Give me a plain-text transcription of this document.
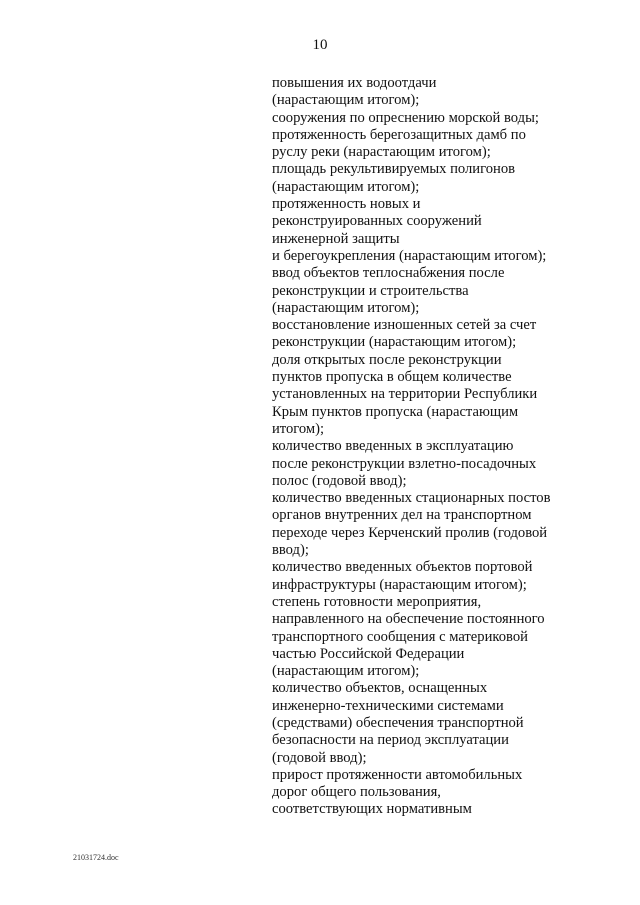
10
повышения их водоотдачи
(нарастающим итогом);
сооружения по опреснению морской воды;
протяженность берегозащитных дамб по
руслу реки (нарастающим итогом);
площадь рекультивируемых полигонов
(нарастающим итогом);
протяженность новых и
реконструированных сооружений
инженерной защиты
и берегоукрепления (нарастающим итогом);
ввод объектов теплоснабжения после
реконструкции и строительства
(нарастающим итогом);
восстановление изношенных сетей за счет
реконструкции (нарастающим итогом);
доля открытых после реконструкции
пунктов пропуска в общем количестве
установленных на территории Республики
Крым пунктов пропуска (нарастающим
итогом);
количество введенных в эксплуатацию
после реконструкции взлетно-посадочных
полос (годовой ввод);
количество введенных стационарных постов
органов внутренних дел на транспортном
переходе через Керченский пролив (годовой
ввод);
количество введенных объектов портовой
инфраструктуры (нарастающим итогом);
степень готовности мероприятия,
направленного на обеспечение постоянного
транспортного сообщения с материковой
частью Российской Федерации
(нарастающим итогом);
количество объектов, оснащенных
инженерно-техническими системами
(средствами) обеспечения транспортной
безопасности на период эксплуатации
(годовой ввод);
прирост протяженности автомобильных
дорог общего пользования,
соответствующих нормативным
21031724.doc
